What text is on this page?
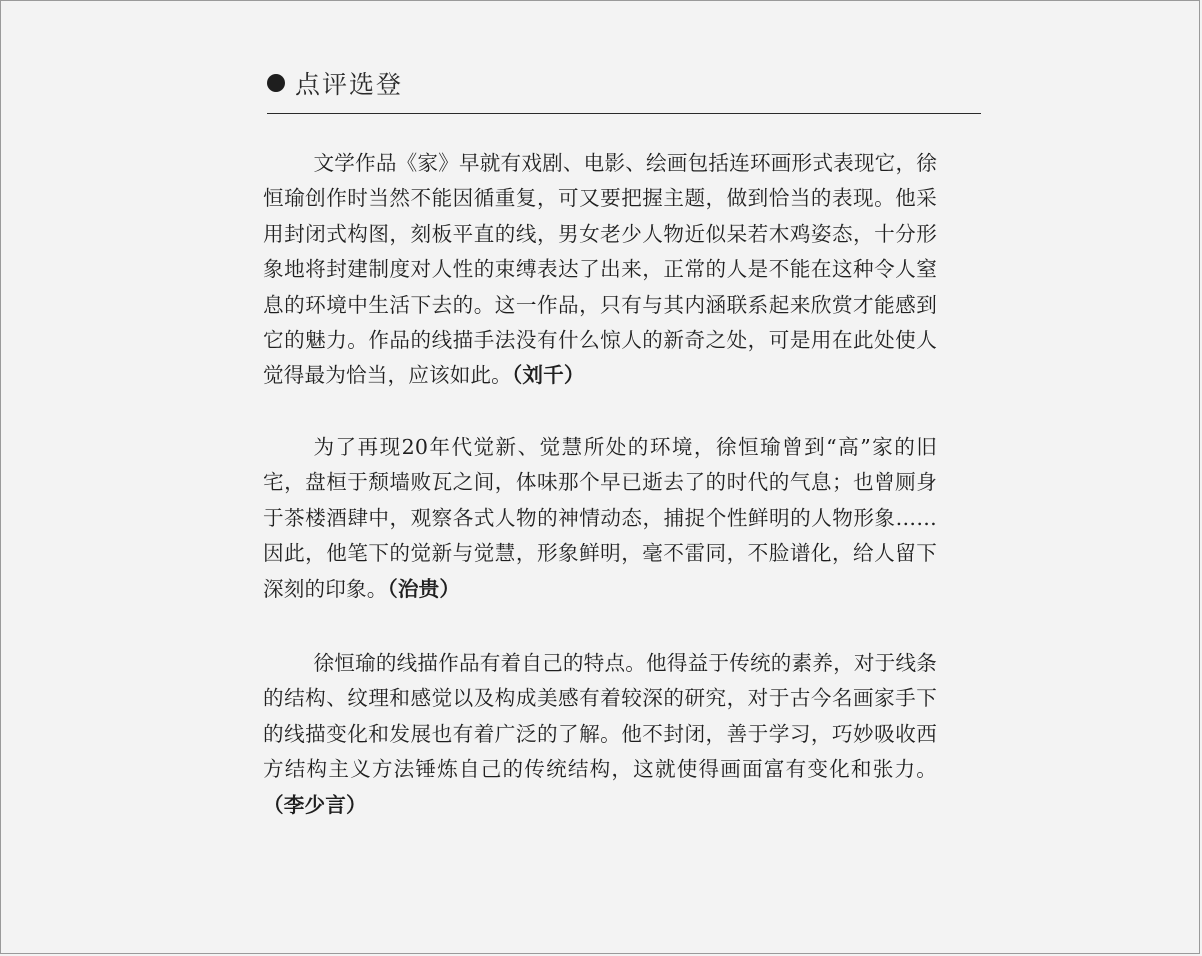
点评选登

文学作品《家》早就有戏剧、电影、绘画包括连环画形式表现它，徐恒瑜创作时当然不能因循重复，可又要把握主题，做到恰当的表现。他采用封闭式构图，刻板平直的线，男女老少人物近似呆若木鸡姿态，十分形象地将封建制度对人性的束缚表达了出来，正常的人是不能在这种令人窒息的环境中生活下去的。这一作品，只有与其内涵联系起来欣赏才能感到它的魅力。作品的线描手法没有什么惊人的新奇之处，可是用在此处使人觉得最为恰当，应该如此。（刘千）

为了再现20年代觉新、觉慧所处的环境，徐恒瑜曾到“高”家的旧宅，盘桓于颓墙败瓦之间，体味那个早已逝去了的时代的气息；也曾厕身于茶楼酒肆中，观察各式人物的神情动态，捕捉个性鲜明的人物形象……因此，他笔下的觉新与觉慧，形象鲜明，毫不雷同，不脸谱化，给人留下深刻的印象。（治贵）

徐恒瑜的线描作品有着自己的特点。他得益于传统的素养，对于线条的结构、纹理和感觉以及构成美感有着较深的研究，对于古今名画家手下的线描变化和发展也有着广泛的了解。他不封闭，善于学习，巧妙吸收西方结构主义方法锤炼自己的传统结构，这就使得画面富有变化和张力。（李少言）
